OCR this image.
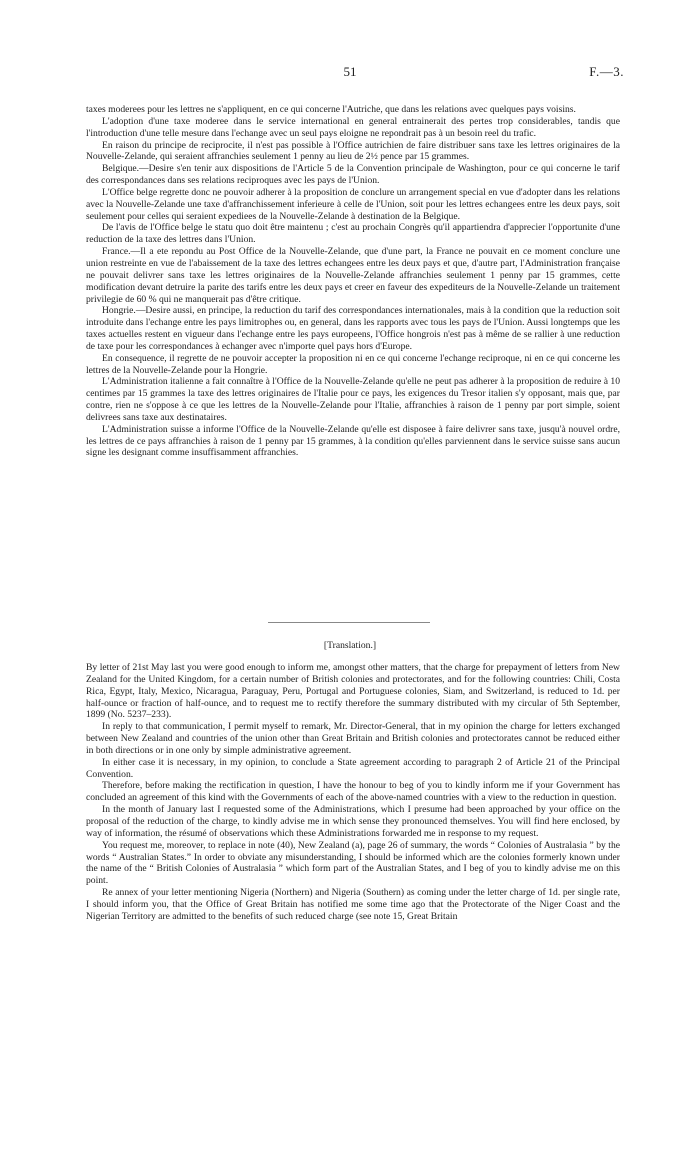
51	F.—3.

taxes moderees pour les lettres ne s'appliquent, en ce qui concerne l'Autriche, que dans les relations avec quelques pays voisins.

L'adoption d'une taxe moderee dans le service international en general entrainerait des pertes trop considerables, tandis que l'introduction d'une telle mesure dans l'echange avec un seul pays eloigne ne repondrait pas à un besoin reel du trafic.

En raison du principe de reciprocite, il n'est pas possible à l'Office autrichien de faire distribuer sans taxe les lettres originaires de la Nouvelle-Zelande, qui seraient affranchies seulement 1 penny au lieu de 2½ pence par 15 grammes.

Belgique.—Desire s'en tenir aux dispositions de l'Article 5 de la Convention principale de Washington, pour ce qui concerne le tarif des correspondances dans ses relations reciproques avec les pays de l'Union.

L'Office belge regrette donc ne pouvoir adherer à la proposition de conclure un arrangement special en vue d'adopter dans les relations avec la Nouvelle-Zelande une taxe d'affranchissement inferieure à celle de l'Union, soit pour les lettres echangees entre les deux pays, soit seulement pour celles qui seraient expediees de la Nouvelle-Zelande à destination de la Belgique.

De l'avis de l'Office belge le statu quo doit être maintenu ; c'est au prochain Congrès qu'il appartiendra d'apprecier l'opportunite d'une reduction de la taxe des lettres dans l'Union.

France.—Il a ete repondu au Post Office de la Nouvelle-Zelande, que d'une part, la France ne pouvait en ce moment conclure une union restreinte en vue de l'abaissement de la taxe des lettres echangees entre les deux pays et que, d'autre part, l'Administration française ne pouvait delivrer sans taxe les lettres originaires de la Nouvelle-Zelande affranchies seulement 1 penny par 15 grammes, cette modification devant detruire la parite des tarifs entre les deux pays et creer en faveur des expediteurs de la Nouvelle-Zelande un traitement privilegie de 60 % qui ne manquerait pas d'être critique.

Hongrie.—Desire aussi, en principe, la reduction du tarif des correspondances internationales, mais à la condition que la reduction soit introduite dans l'echange entre les pays limitrophes ou, en general, dans les rapports avec tous les pays de l'Union. Aussi longtemps que les taxes actuelles restent en vigueur dans l'echange entre les pays europeens, l'Office hongrois n'est pas à même de se rallier à une reduction de taxe pour les correspondances à echanger avec n'importe quel pays hors d'Europe.

En consequence, il regrette de ne pouvoir accepter la proposition ni en ce qui concerne l'echange reciproque, ni en ce qui concerne les lettres de la Nouvelle-Zelande pour la Hongrie.

L'Administration italienne a fait connaître à l'Office de la Nouvelle-Zelande qu'elle ne peut pas adherer à la proposition de reduire à 10 centimes par 15 grammes la taxe des lettres originaires de l'Italie pour ce pays, les exigences du Tresor italien s'y opposant, mais que, par contre, rien ne s'oppose à ce que les lettres de la Nouvelle-Zelande pour l'Italie, affranchies à raison de 1 penny par port simple, soient delivrees sans taxe aux destinataires.

L'Administration suisse a informe l'Office de la Nouvelle-Zelande qu'elle est disposee à faire delivrer sans taxe, jusqu'à nouvel ordre, les lettres de ce pays affranchies à raison de 1 penny par 15 grammes, à la condition qu'elles parviennent dans le service suisse sans aucun signe les designant comme insuffisamment affranchies.

[Translation.]

By letter of 21st May last you were good enough to inform me, amongst other matters, that the charge for prepayment of letters from New Zealand for the United Kingdom, for a certain number of British colonies and protectorates, and for the following countries: Chili, Costa Rica, Egypt, Italy, Mexico, Nicaragua, Paraguay, Peru, Portugal and Portuguese colonies, Siam, and Switzerland, is reduced to 1d. per half-ounce or fraction of half-ounce, and to request me to rectify therefore the summary distributed with my circular of 5th September, 1899 (No. 5237–233).

In reply to that communication, I permit myself to remark, Mr. Director-General, that in my opinion the charge for letters exchanged between New Zealand and countries of the union other than Great Britain and British colonies and protectorates cannot be reduced either in both directions or in one only by simple administrative agreement.

In either case it is necessary, in my opinion, to conclude a State agreement according to paragraph 2 of Article 21 of the Principal Convention.

Therefore, before making the rectification in question, I have the honour to beg of you to kindly inform me if your Government has concluded an agreement of this kind with the Governments of each of the above-named countries with a view to the reduction in question.

In the month of January last I requested some of the Administrations, which I presume had been approached by your office on the proposal of the reduction of the charge, to kindly advise me in which sense they pronounced themselves. You will find here enclosed, by way of information, the résumé of observations which these Administrations forwarded me in response to my request.

You request me, moreover, to replace in note (40), New Zealand (a), page 26 of summary, the words “ Colonies of Australasia ” by the words “ Australian States.” In order to obviate any misunderstanding, I should be informed which are the colonies formerly known under the name of the “ British Colonies of Australasia ” which form part of the Australian States, and I beg of you to kindly advise me on this point.

Re annex of your letter mentioning Nigeria (Northern) and Nigeria (Southern) as coming under the letter charge of 1d. per single rate, I should inform you, that the Office of Great Britain has notified me some time ago that the Protectorate of the Niger Coast and the Nigerian Territory are admitted to the benefits of such reduced charge (see note 15, Great Britain
